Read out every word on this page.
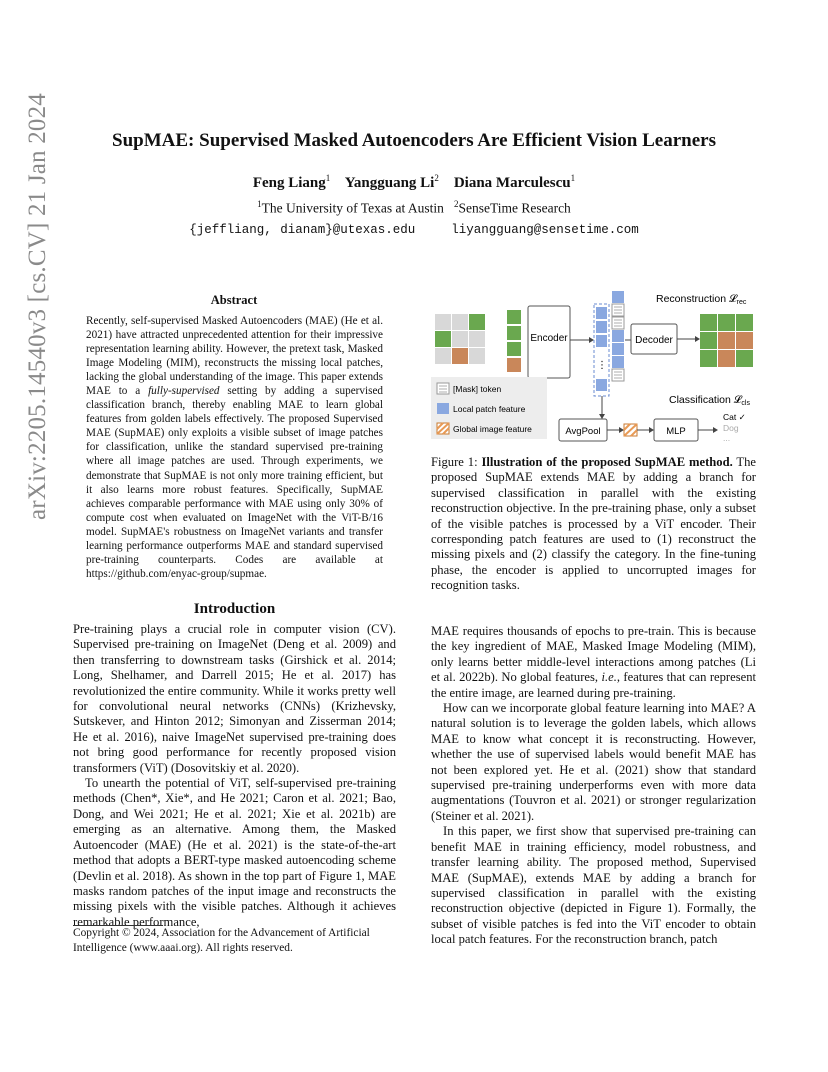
arXiv:2205.14540v3 [cs.CV] 21 Jan 2024	SupMAE: Supervised Masked Autoencoders Are Efficient Vision Learners
Feng Liang$^1$ Yangguang Li$^2$ Diana Marculescu$^1$
$^1$The University of Texas at Austin $^2$SenseTime Research
{jeffliang, dianam}@utexas.edu	liyangguang@sensetime.com
Abstract
Recently, self-supervised Masked Autoencoders (MAE) (He et al. 2021) have attracted unprecedented attention for their impressive representation learning ability. However, the pretext task, Masked Image Modeling (MIM), reconstructs the missing local patches, lacking the global understanding of the image. This paper extends MAE to a fully-supervised setting by adding a supervised classification branch, thereby enabling MAE to learn global features from golden labels effectively. The proposed Supervised MAE (SupMAE) only exploits a visible subset of image patches for classification, unlike the standard supervised pre-training where all image patches are used. Through experiments, we demonstrate that SupMAE is not only more training efficient, but it also learns more robust features. Specifically, SupMAE achieves comparable performance with MAE using only 30% of compute cost when evaluated on ImageNet with the ViT-B/16 model. SupMAE's robustness on ImageNet variants and transfer learning performance outperforms MAE and standard supervised pre-training counterparts. Codes are available at https://github.com/enyac-group/supmae.
Encoder
⋮
Decoder
Reconstruction 𝓛rec
[Mask] token
Local patch feature
Global image feature	AvgPool	MLP
Classification 𝓛cls
Cat ✓
Dog
...
Figure 1: Illustration of the proposed SupMAE method. The proposed SupMAE extends MAE by adding a branch for supervised classification in parallel with the existing reconstruction objective. In the pre-training phase, only a subset of the visible patches is processed by a ViT encoder. Their corresponding patch features are used to (1) reconstruct the missing pixels and (2) classify the category. In the fine-tuning phase, the encoder is applied to uncorrupted images for recognition tasks.
Introduction

Pre-training plays a crucial role in computer vision (CV). Supervised pre-training on ImageNet (Deng et al. 2009) and then transferring to downstream tasks (Girshick et al. 2014; Long, Shelhamer, and Darrell 2015; He et al. 2017) has revolutionized the entire community. While it works pretty well for convolutional neural networks (CNNs) (Krizhevsky, Sutskever, and Hinton 2012; Simonyan and Zisserman 2014; He et al. 2016), naive ImageNet supervised pre-training does not bring good performance for recently proposed vision transformers (ViT) (Dosovitskiy et al. 2020).

To unearth the potential of ViT, self-supervised pre-training methods (Chen*, Xie*, and He 2021; Caron et al. 2021; Bao, Dong, and Wei 2021; He et al. 2021; Xie et al. 2021b) are emerging as an alternative. Among them, the Masked Autoencoder (MAE) (He et al. 2021) is the state-of-the-art method that adopts a BERT-type masked autoencoding scheme (Devlin et al. 2018). As shown in the top part of Figure 1, MAE masks random patches of the input image and reconstructs the missing pixels with the visible patches. Although it achieves remarkable performance,

MAE requires thousands of epochs to pre-train. This is because the key ingredient of MAE, Masked Image Modeling (MIM), only learns better middle-level interactions among patches (Li et al. 2022b). No global features, i.e., features that can represent the entire image, are learned during pre-training.

How can we incorporate global feature learning into MAE? A natural solution is to leverage the golden labels, which allows MAE to know what concept it is reconstructing. However, whether the use of supervised labels would benefit MAE has not been explored yet. He et al. (2021) show that standard supervised pre-training underperforms even with more data augmentations (Touvron et al. 2021) or stronger regularization (Steiner et al. 2021).

In this paper, we first show that supervised pre-training can benefit MAE in training efficiency, model robustness, and transfer learning ability. The proposed method, Supervised MAE (SupMAE), extends MAE by adding a branch for supervised classification in parallel with the existing reconstruction objective (depicted in Figure 1). Formally, the subset of visible patches is fed into the ViT encoder to obtain local patch features. For the reconstruction branch, patch

Copyright © 2024, Association for the Advancement of Artificial Intelligence (www.aaai.org). All rights reserved.
